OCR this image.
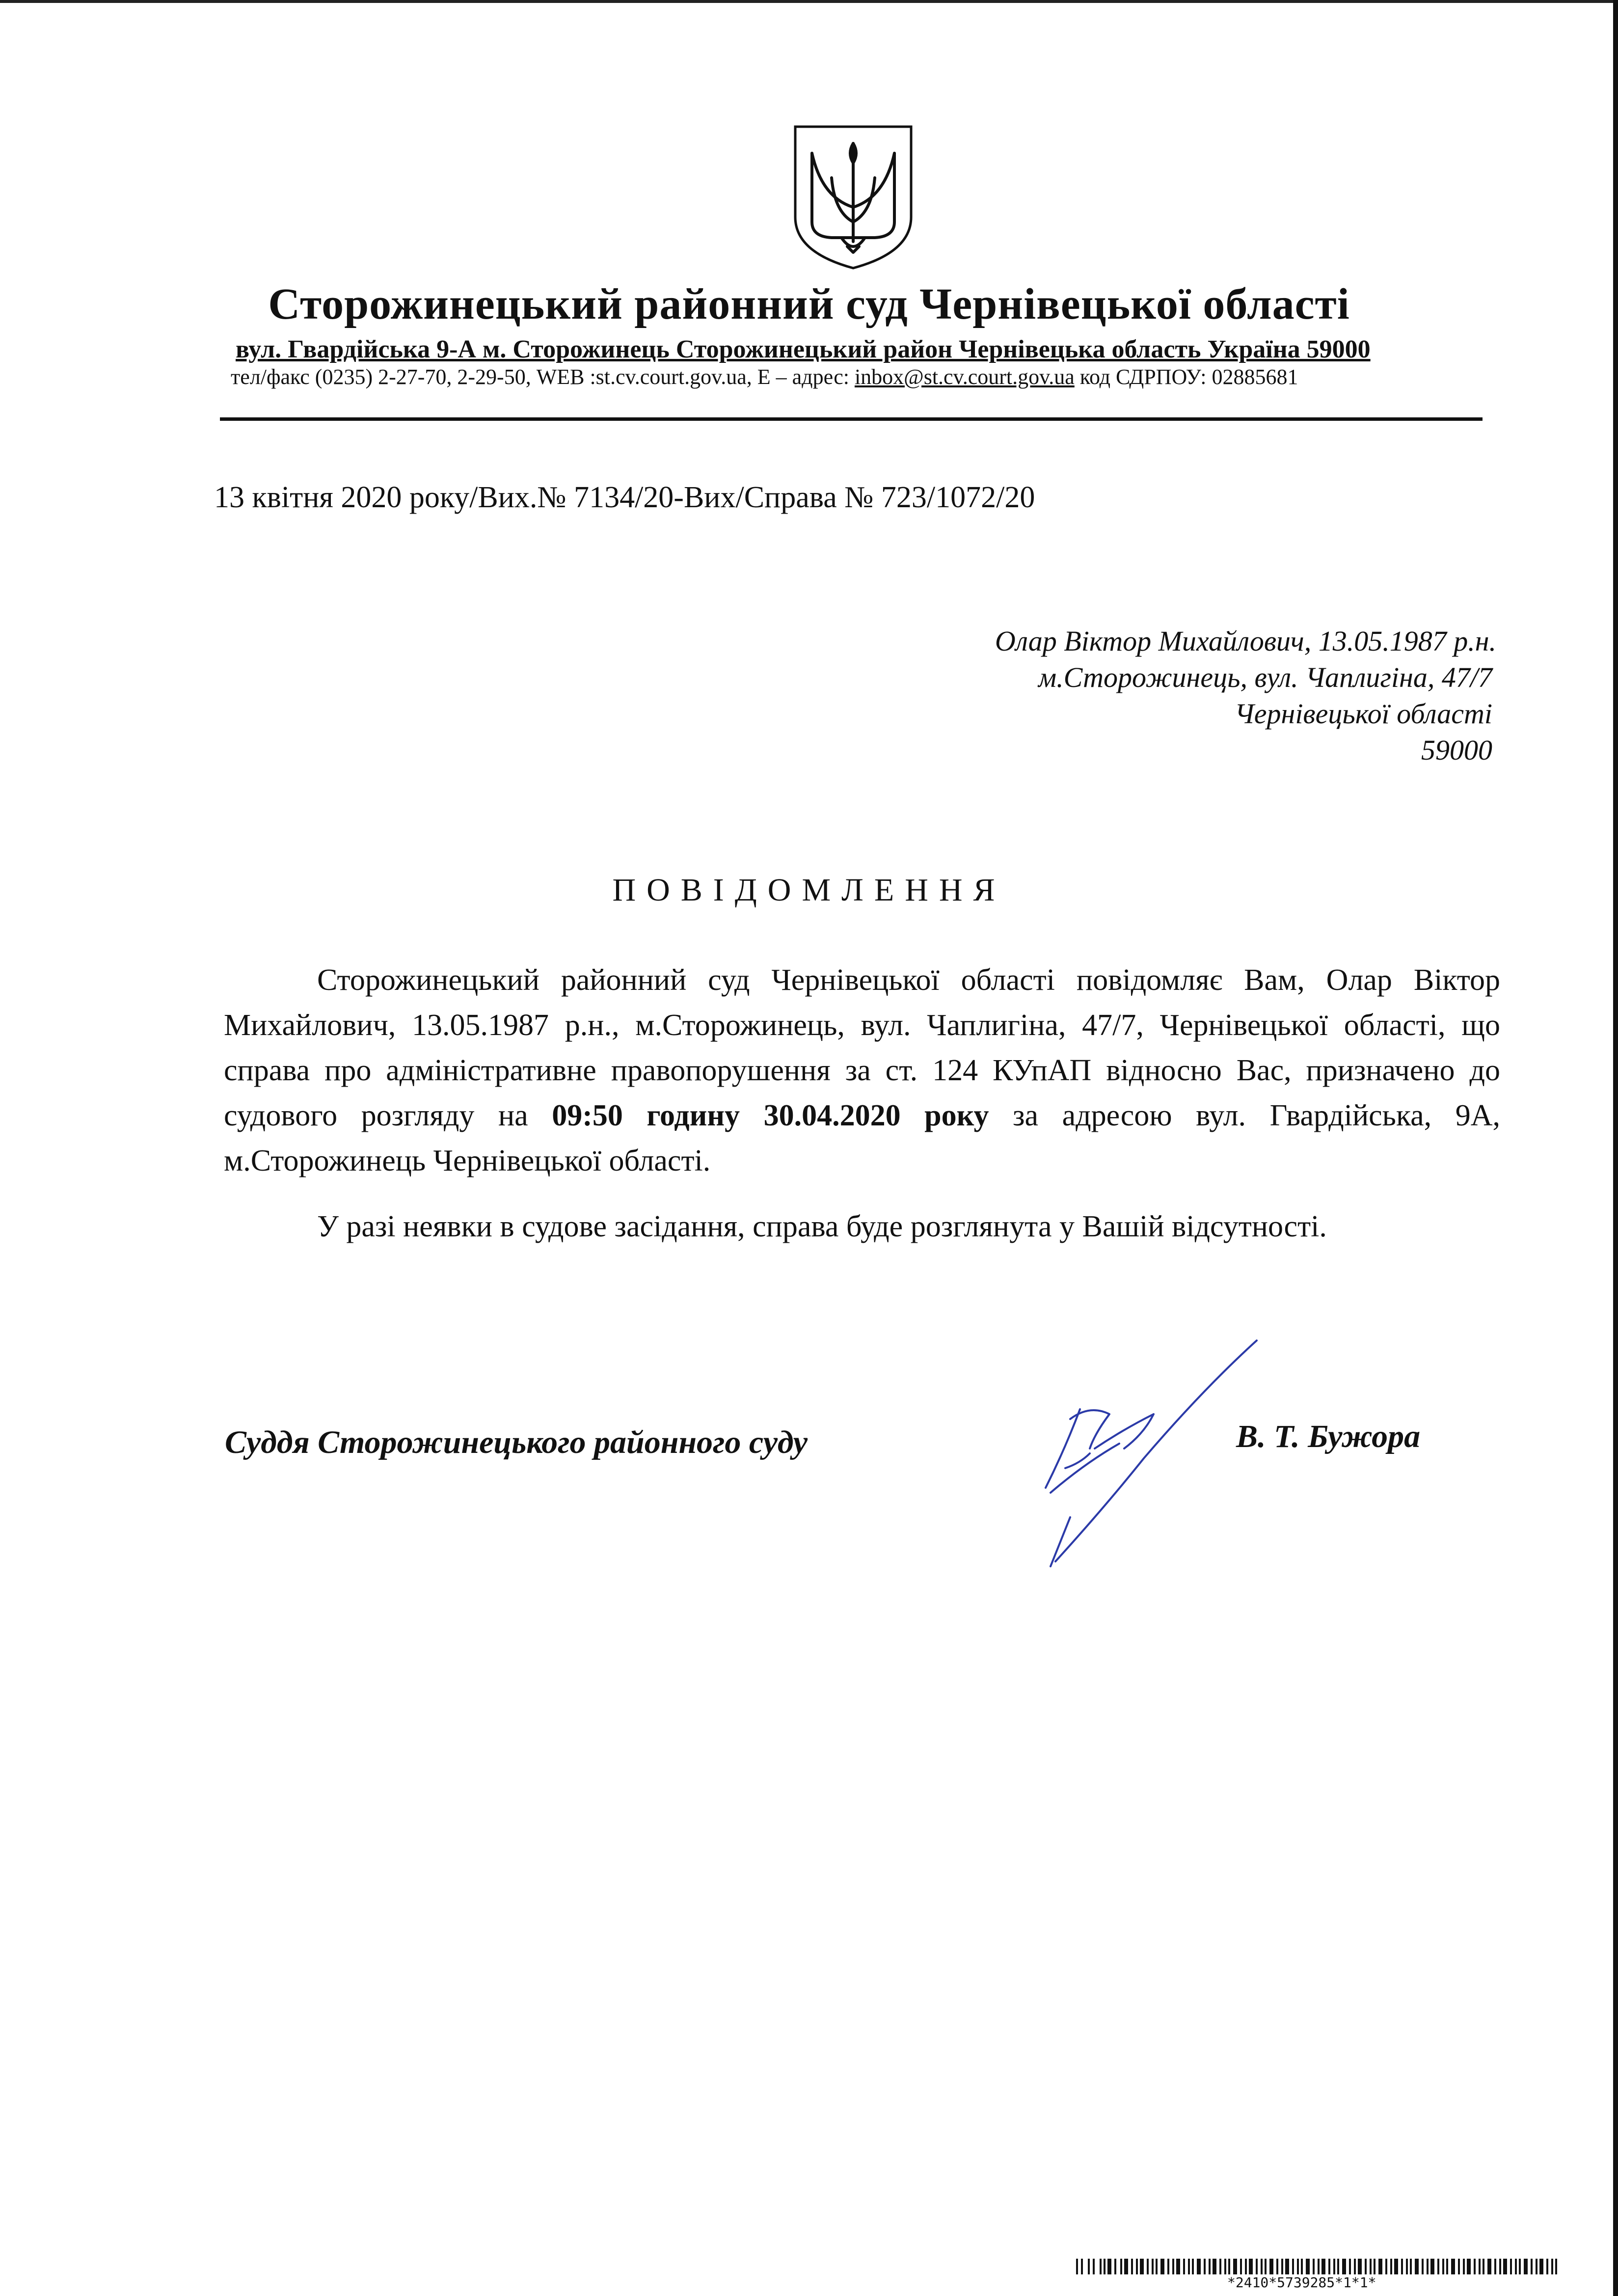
Сторожинецький районний суд Чернівецької області
вул. Гвардійська 9-А м. Сторожинець Сторожинецький район Чернівецька область Україна 59000
тел/факс (0235) 2-27-70, 2-29-50, WEB :st.cv.court.gov.ua, E – адрес: inbox@st.cv.court.gov.ua код СДРПОУ: 02885681
13 квітня 2020 року/Вих.№ 7134/20-Вих/Справа № 723/1072/20
Олар Віктор Михайлович, 13.05.1987 р.н.
м.Сторожинець, вул. Чаплигіна, 47/7
Чернівецької області
59000
ПОВІДОМЛЕННЯ

Сторожинецький районний суд Чернівецької області повідомляє Вам, Олар Віктор Михайлович, 13.05.1987 р.н., м.Сторожинець, вул. Чаплигіна, 47/7, Чернівецької області, що справа про адміністративне правопорушення за ст. 124 КУпАП відносно Вас, призначено до судового розгляду на 09:50 годину 30.04.2020 року за адресою вул. Гвардійська, 9А, м.Сторожинець Чернівецької області.

У разі неявки в судове засідання, справа буде розглянута у Вашій відсутності.

Суддя Сторожинецького районного суду	В. Т. Бужора
*2410*5739285*1*1*
